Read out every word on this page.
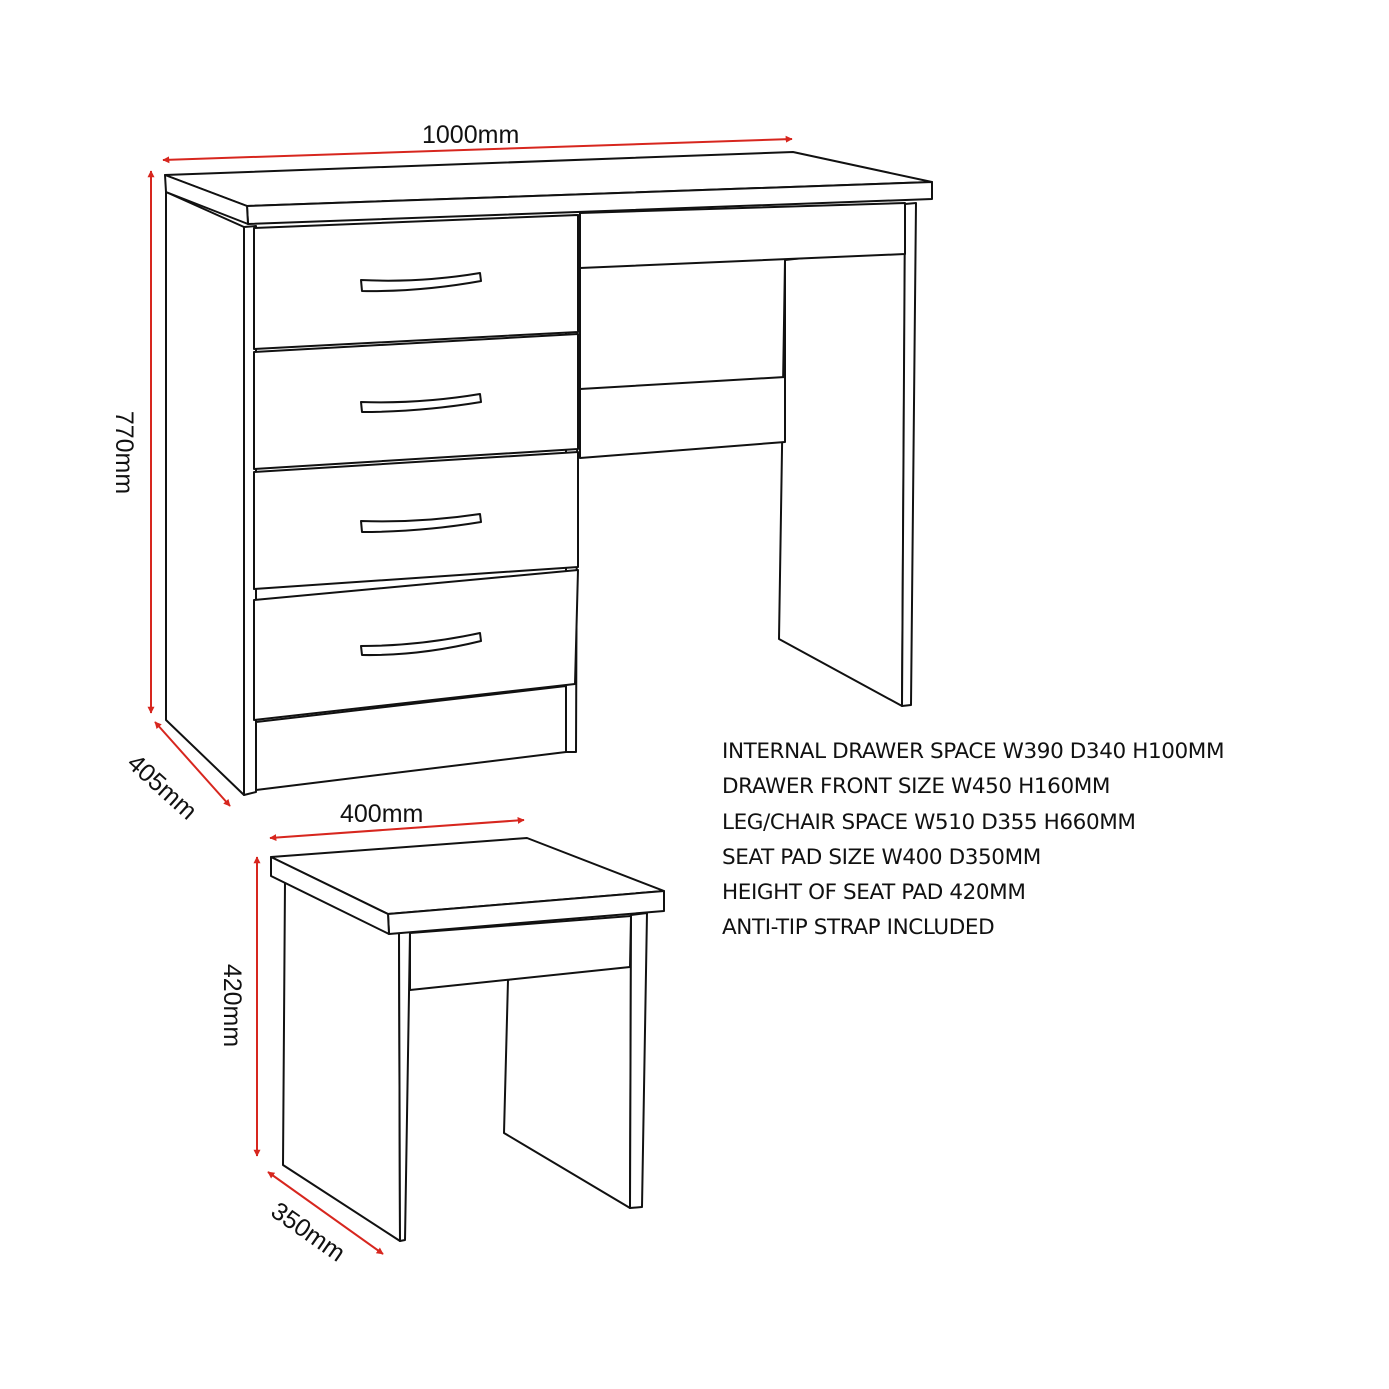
1000mm
770mm
405mm	400mm
420mm
350mm
INTERNAL DRAWER SPACE W390 D340 H100MM
DRAWER FRONT SIZE W450 H160MM
LEG/CHAIR SPACE W510 D355 H660MM
SEAT PAD SIZE W400 D350MM
HEIGHT OF SEAT PAD 420MM
ANTI-TIP STRAP INCLUDED
